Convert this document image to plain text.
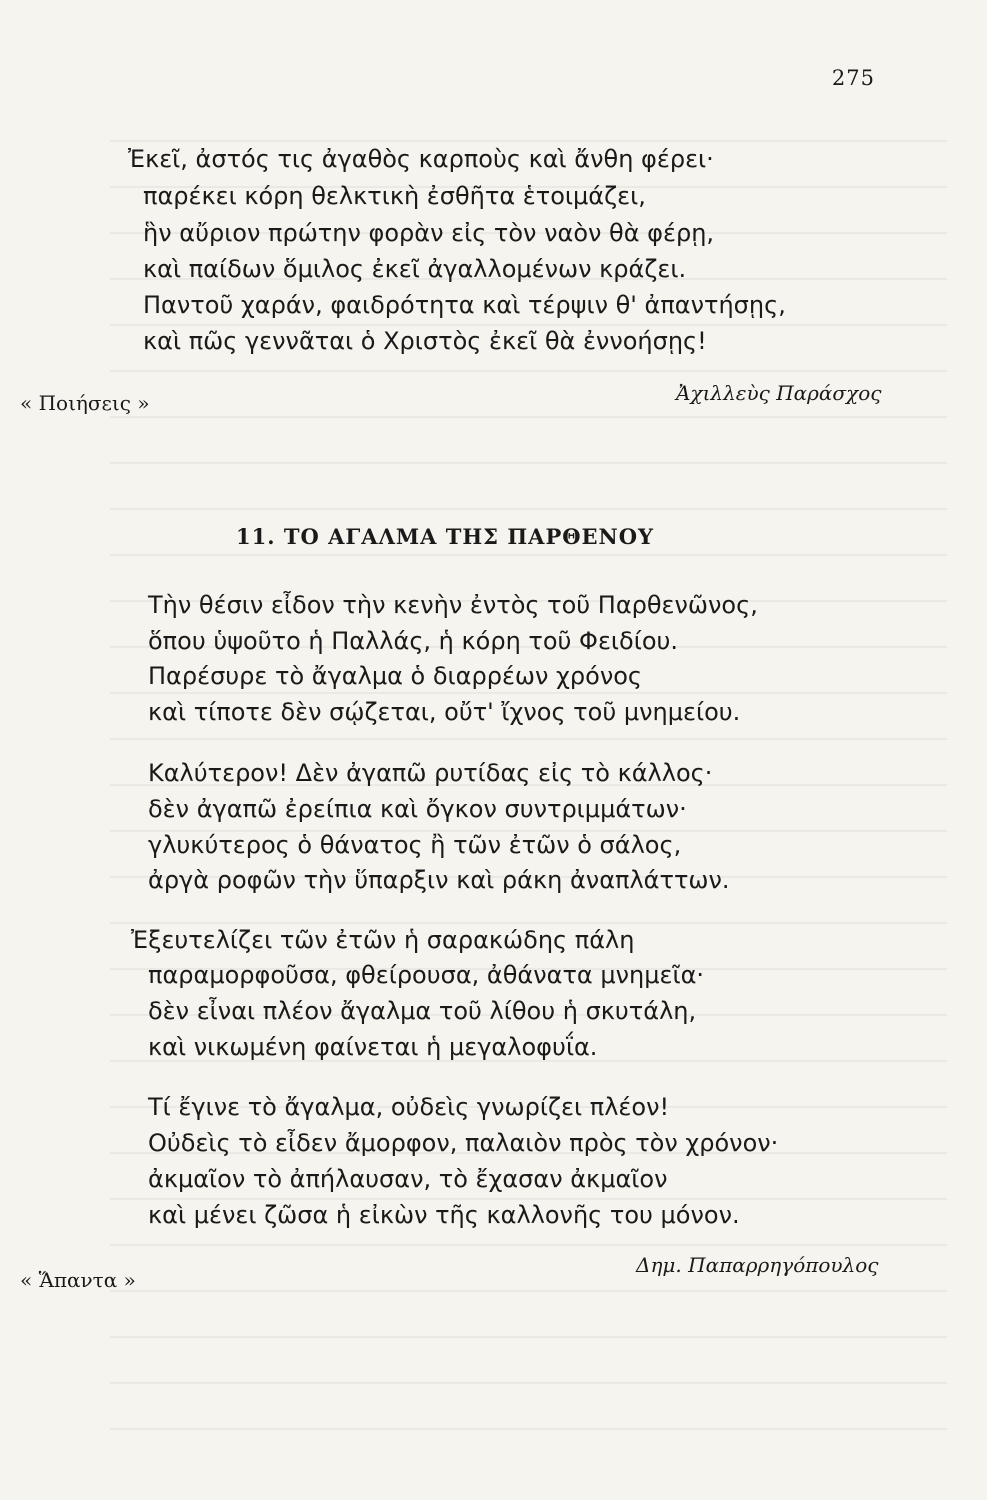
275
Ἐκεῖ, ἀστός τις ἀγαθὸς καρποὺς καὶ ἄνθη φέρει·
παρέκει κόρη θελκτικὴ ἐσθῆτα ἑτοιμάζει,
ἣν αὔριον πρώτην φορὰν εἰς τὸν ναὸν θὰ φέρῃ,
καὶ παίδων ὅμιλος ἐκεῖ ἀγαλλομένων κράζει.
Παντοῦ χαράν, φαιδρότητα καὶ τέρψιν θ' ἀπαντήσῃς,
καὶ πῶς γεννᾶται ὁ Χριστὸς ἐκεῖ θὰ ἐννοήσῃς!
« Ποιήσεις »	Ἀχιλλεὺς Παράσχος
11. ΤΟ ΑΓΑΛΜΑ ΤΗΣ ΠΑΡΘΕΝΟΥ
Τὴν θέσιν εἶδον τὴν κενὴν ἐντὸς τοῦ Παρθενῶνος,
ὅπου ὑψοῦτο ἡ Παλλάς, ἡ κόρη τοῦ Φειδίου.
Παρέσυρε τὸ ἄγαλμα ὁ διαρρέων χρόνος
καὶ τίποτε δὲν σῴζεται, οὔτ' ἴχνος τοῦ μνημείου.
Καλύτερον! Δὲν ἀγαπῶ ρυτίδας εἰς τὸ κάλλος·
δὲν ἀγαπῶ ἐρείπια καὶ ὄγκον συντριμμάτων·
γλυκύτερος ὁ θάνατος ἢ τῶν ἐτῶν ὁ σάλος,
ἀργὰ ροφῶν τὴν ὕπαρξιν καὶ ράκη ἀναπλάττων.
Ἐξευτελίζει τῶν ἐτῶν ἡ σαρακώδης πάλη
παραμορφοῦσα, φθείρουσα, ἀθάνατα μνημεῖα·
δὲν εἶναι πλέον ἄγαλμα τοῦ λίθου ἡ σκυτάλη,
καὶ νικωμένη φαίνεται ἡ μεγαλοφυΐα.
Τί ἔγινε τὸ ἄγαλμα, οὐδεὶς γνωρίζει πλέον!
Οὐδεὶς τὸ εἶδεν ἄμορφον, παλαιὸν πρὸς τὸν χρόνον·
ἀκμαῖον τὸ ἀπήλαυσαν, τὸ ἔχασαν ἀκμαῖον
καὶ μένει ζῶσα ἡ εἰκὼν τῆς καλλονῆς του μόνον.
« Ἅπαντα »
Δημ. Παπαρρηγόπουλος
